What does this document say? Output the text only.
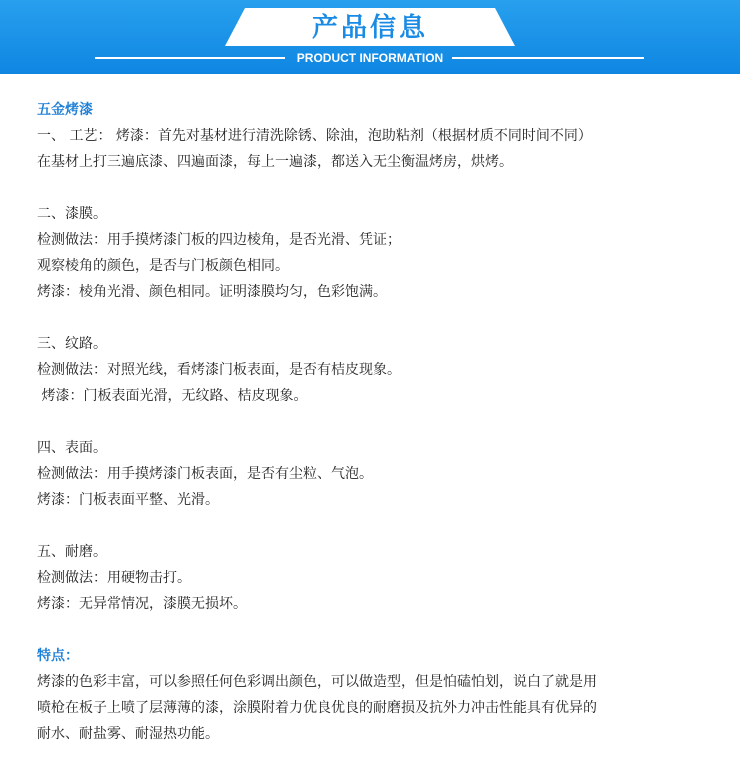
产品信息
PRODUCT INFORMATION
五金烤漆
一、 工艺： 烤漆：首先对基材进行清洗除锈、除油，泡助粘剂（根据材质不同时间不同）
在基材上打三遍底漆、四遍面漆，每上一遍漆，都送入无尘衡温烤房，烘烤。
二、漆膜。
检测做法：用手摸烤漆门板的四边棱角，是否光滑、凭证；
观察棱角的颜色，是否与门板颜色相同。
烤漆：棱角光滑、颜色相同。证明漆膜均匀，色彩饱满。
三、纹路。
检测做法：对照光线，看烤漆门板表面，是否有桔皮现象。
烤漆：门板表面光滑，无纹路、桔皮现象。
四、表面。
检测做法：用手摸烤漆门板表面，是否有尘粒、气泡。
烤漆：门板表面平整、光滑。
五、耐磨。
检测做法：用硬物击打。
烤漆：无异常情况，漆膜无损坏。
特点：
烤漆的色彩丰富，可以参照任何色彩调出颜色，可以做造型，但是怕磕怕划，说白了就是用
喷枪在板子上喷了层薄薄的漆，涂膜附着力优良优良的耐磨损及抗外力冲击性能具有优异的
耐水、耐盐雾、耐湿热功能。
